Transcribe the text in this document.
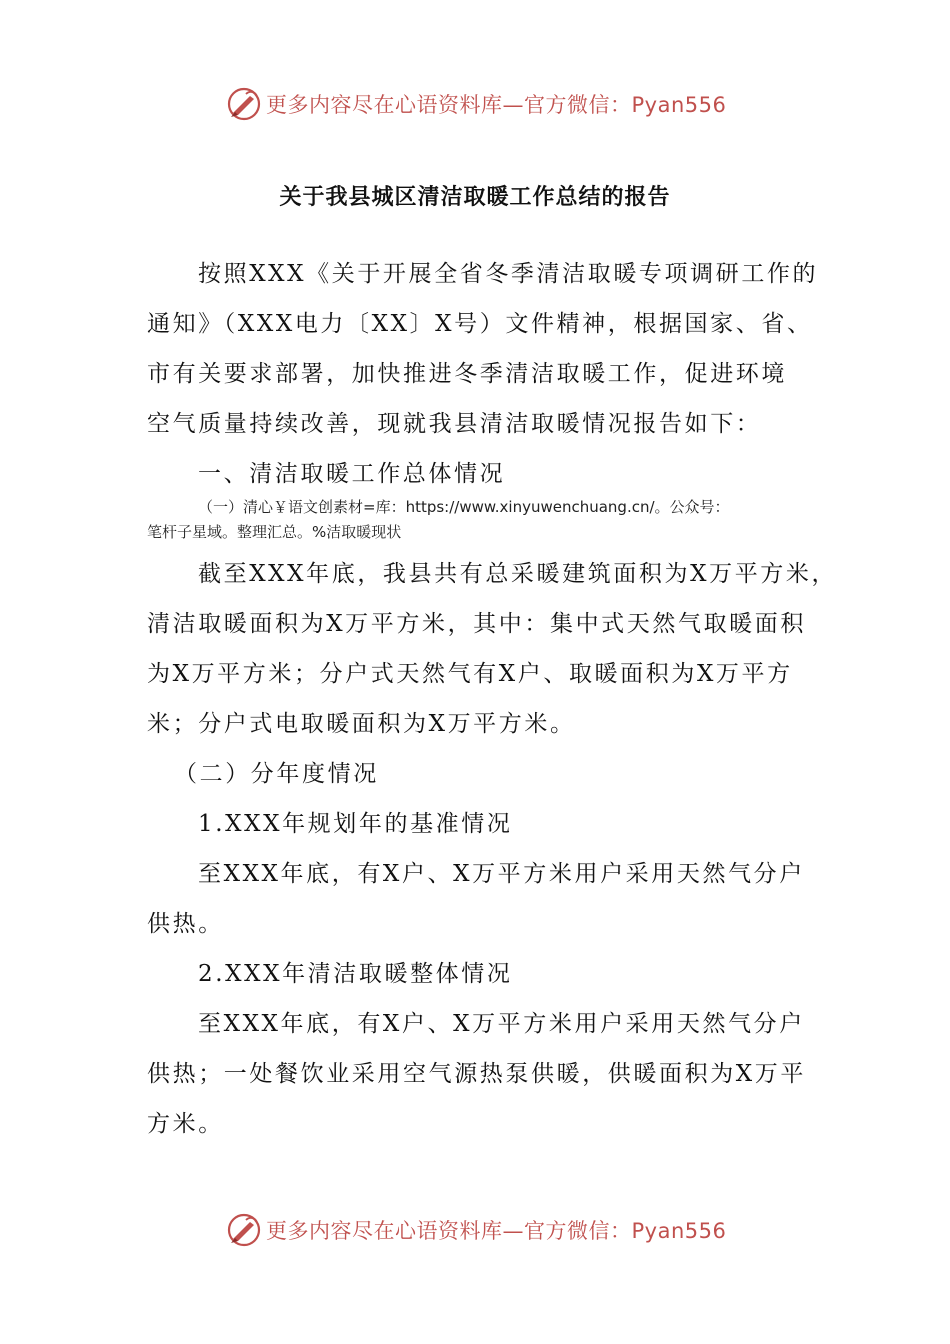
更多内容尽在心语资料库—官方微信：Pyan556
关于我县城区清洁取暖工作总结的报告

按照XXX《关于开展全省冬季清洁取暖专项调研工作的

通知》（XXX电力〔XX〕X号）文件精神，根据国家、省、

市有关要求部署，加快推进冬季清洁取暖工作，促进环境

空气质量持续改善，现就我县清洁取暖情况报告如下：

一、清洁取暖工作总体情况

（一）清心￥语文创素材=库：https://www.xinyuwenchuang.cn/。公众号：

笔杆子星域。整理汇总。%洁取暖现状

截至XXX年底，我县共有总采暖建筑面积为X万平方米，

清洁取暖面积为X万平方米，其中：集中式天然气取暖面积

为X万平方米；分户式天然气有X户、取暖面积为X万平方

米；分户式电取暖面积为X万平方米。

（二）分年度情况

1.XXX年规划年的基准情况

至XXX年底，有X户、X万平方米用户采用天然气分户

供热。

2.XXX年清洁取暖整体情况

至XXX年底，有X户、X万平方米用户采用天然气分户

供热；一处餐饮业采用空气源热泵供暖，供暖面积为X万平

方米。

更多内容尽在心语资料库—官方微信：Pyan556
